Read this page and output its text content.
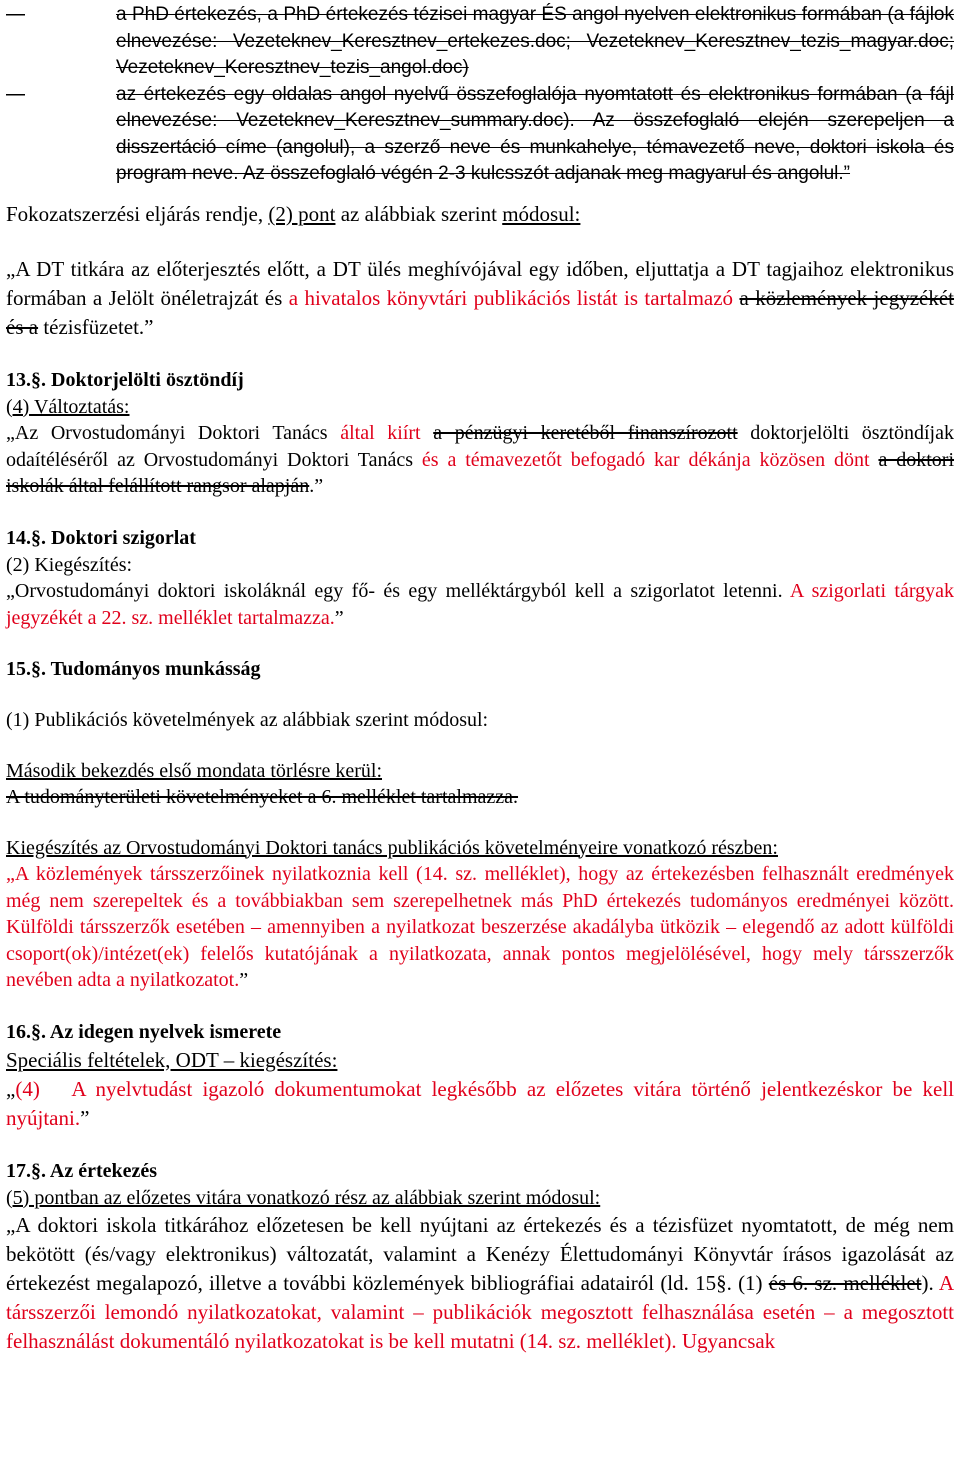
—	a PhD értekezés, a PhD értekezés tézisei magyar ÉS angol nyelven elektronikus formában (a fájlok elnevezése: Vezeteknev_Keresztnev_ertekezes.doc; Vezeteknev_Keresztnev_tezis_magyar.doc; Vezeteknev_Keresztnev_tezis_angol.doc)
—	az értekezés egy oldalas angol nyelvű összefoglalója nyomtatott és elektronikus formában (a fájl elnevezése: Vezeteknev_Keresztnev_summary.doc). Az összefoglaló elején szerepeljen a disszertáció címe (angolul), a szerző neve és munkahelye, témavezető neve, doktori iskola és program neve. Az összefoglaló végén 2-3 kulcsszót adjanak meg magyarul és angolul.”

Fokozatszerzési eljárás rendje, (2) pont az alábbiak szerint módosul:

„A DT titkára az előterjesztés előtt, a DT ülés meghívójával egy időben, eljuttatja a DT tagjaihoz elektronikus formában a Jelölt önéletrajzát és a hivatalos könyvtári publikációs listát is tartalmazó a közlemények jegyzékét és a tézisfüzetet.”

13.§. Doktorjelölti ösztöndíj

(4) Változtatás:

„Az Orvostudományi Doktori Tanács által kiírt a pénzügyi keretéből finanszírozott doktorjelölti ösztöndíjak odaítéléséről az Orvostudományi Doktori Tanács és a témavezetőt befogadó kar dékánja közösen dönt a doktori iskolák által felállított rangsor alapján.”

14.§. Doktori szigorlat

(2) Kiegészítés:

„Orvostudományi doktori iskoláknál egy fő- és egy melléktárgyból kell a szigorlatot letenni. A szigorlati tárgyak jegyzékét a 22. sz. melléklet tartalmazza.”

15.§. Tudományos munkásság

(1) Publikációs követelmények az alábbiak szerint módosul:

Második bekezdés első mondata törlésre kerül:

A tudományterületi követelményeket a 6. melléklet tartalmazza.

Kiegészítés az Orvostudományi Doktori tanács publikációs követelményeire vonatkozó részben:

„A közlemények társszerzőinek nyilatkoznia kell (14. sz. melléklet), hogy az értekezésben felhasznált eredmények még nem szerepeltek és a továbbiakban sem szerepelhetnek más PhD értekezés tudományos eredményei között. Külföldi társszerzők esetében – amennyiben a nyilatkozat beszerzése akadályba ütközik – elegendő az adott külföldi csoport(ok)/intézet(ek) felelős kutatójának a nyilatkozata, annak pontos megjelölésével, hogy mely társszerzők nevében adta a nyilatkozatot.”

16.§. Az idegen nyelvek ismerete

Speciális feltételek, ODT – kiegészítés:

„(4)  A nyelvtudást igazoló dokumentumokat legkésőbb az előzetes vitára történő jelentkezéskor be kell nyújtani.”

17.§. Az értekezés

(5) pontban az előzetes vitára vonatkozó rész az alábbiak szerint módosul:

„A doktori iskola titkárához előzetesen be kell nyújtani az értekezés és a tézisfüzet nyomtatott, de még nem bekötött (és/vagy elektronikus) változatát, valamint a Kenézy Élettudományi Könyvtár írásos igazolását az értekezést megalapozó, illetve a további közlemények bibliográfiai adatairól (ld. 15§. (1) és 6. sz. melléklet). A társszerzői lemondó nyilatkozatokat, valamint – publikációk megosztott felhasználása esetén – a megosztott felhasználást dokumentáló nyilatkozatokat is be kell mutatni (14. sz. melléklet). Ugyancsak
